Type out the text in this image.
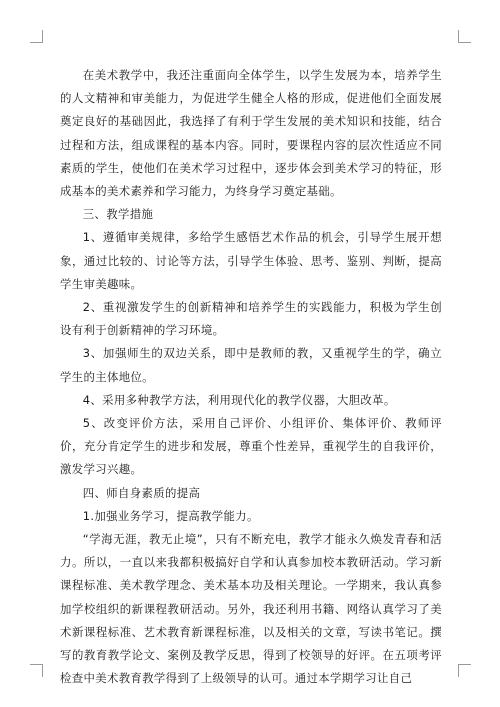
在美术教学中，我还注重面向全体学生，以学生发展为本，培养学生的人文精神和审美能力，为促进学生健全人格的形成，促进他们全面发展奠定良好的基础因此，我选择了有利于学生发展的美术知识和技能，结合过程和方法，组成课程的基本内容。同时，要课程内容的层次性适应不同素质的学生，使他们在美术学习过程中，逐步体会到美术学习的特征，形成基本的美术素养和学习能力，为终身学习奠定基础。

三、教学措施

1、遵循审美规律，多给学生感悟艺术作品的机会，引导学生展开想象，通过比较的、讨论等方法，引导学生体验、思考、鉴别、判断，提高学生审美趣味。

2、重视激发学生的创新精神和培养学生的实践能力，积极为学生创设有利于创新精神的学习环境。

3、加强师生的双边关系，即中是教师的教，又重视学生的学，确立学生的主体地位。

4、采用多种教学方法，利用现代化的教学仪器，大胆改革。

5、改变评价方法，采用自己评价、小组评价、集体评价、教师评价，充分肯定学生的进步和发展，尊重个性差异，重视学生的自我评价，激发学习兴趣。

四、师自身素质的提高

1.加强业务学习，提高教学能力。

“学海无涯，教无止境”，只有不断充电，教学才能永久焕发青春和活力。所以，一直以来我都积极搞好自学和认真参加校本教研活动。学习新课程标准、美术教学理念、美术基本功及相关理论。一学期来，我认真参加学校组织的新课程教研活动。另外，我还利用书籍、网络认真学习了美术新课程标准、艺术教育新课程标准，以及相关的文章，写读书笔记。撰写的教育教学论文、案例及教学反思，得到了校领导的好评。在五项考评检查中美术教育教学得到了上级领导的认可。通过本学期学习让自己
